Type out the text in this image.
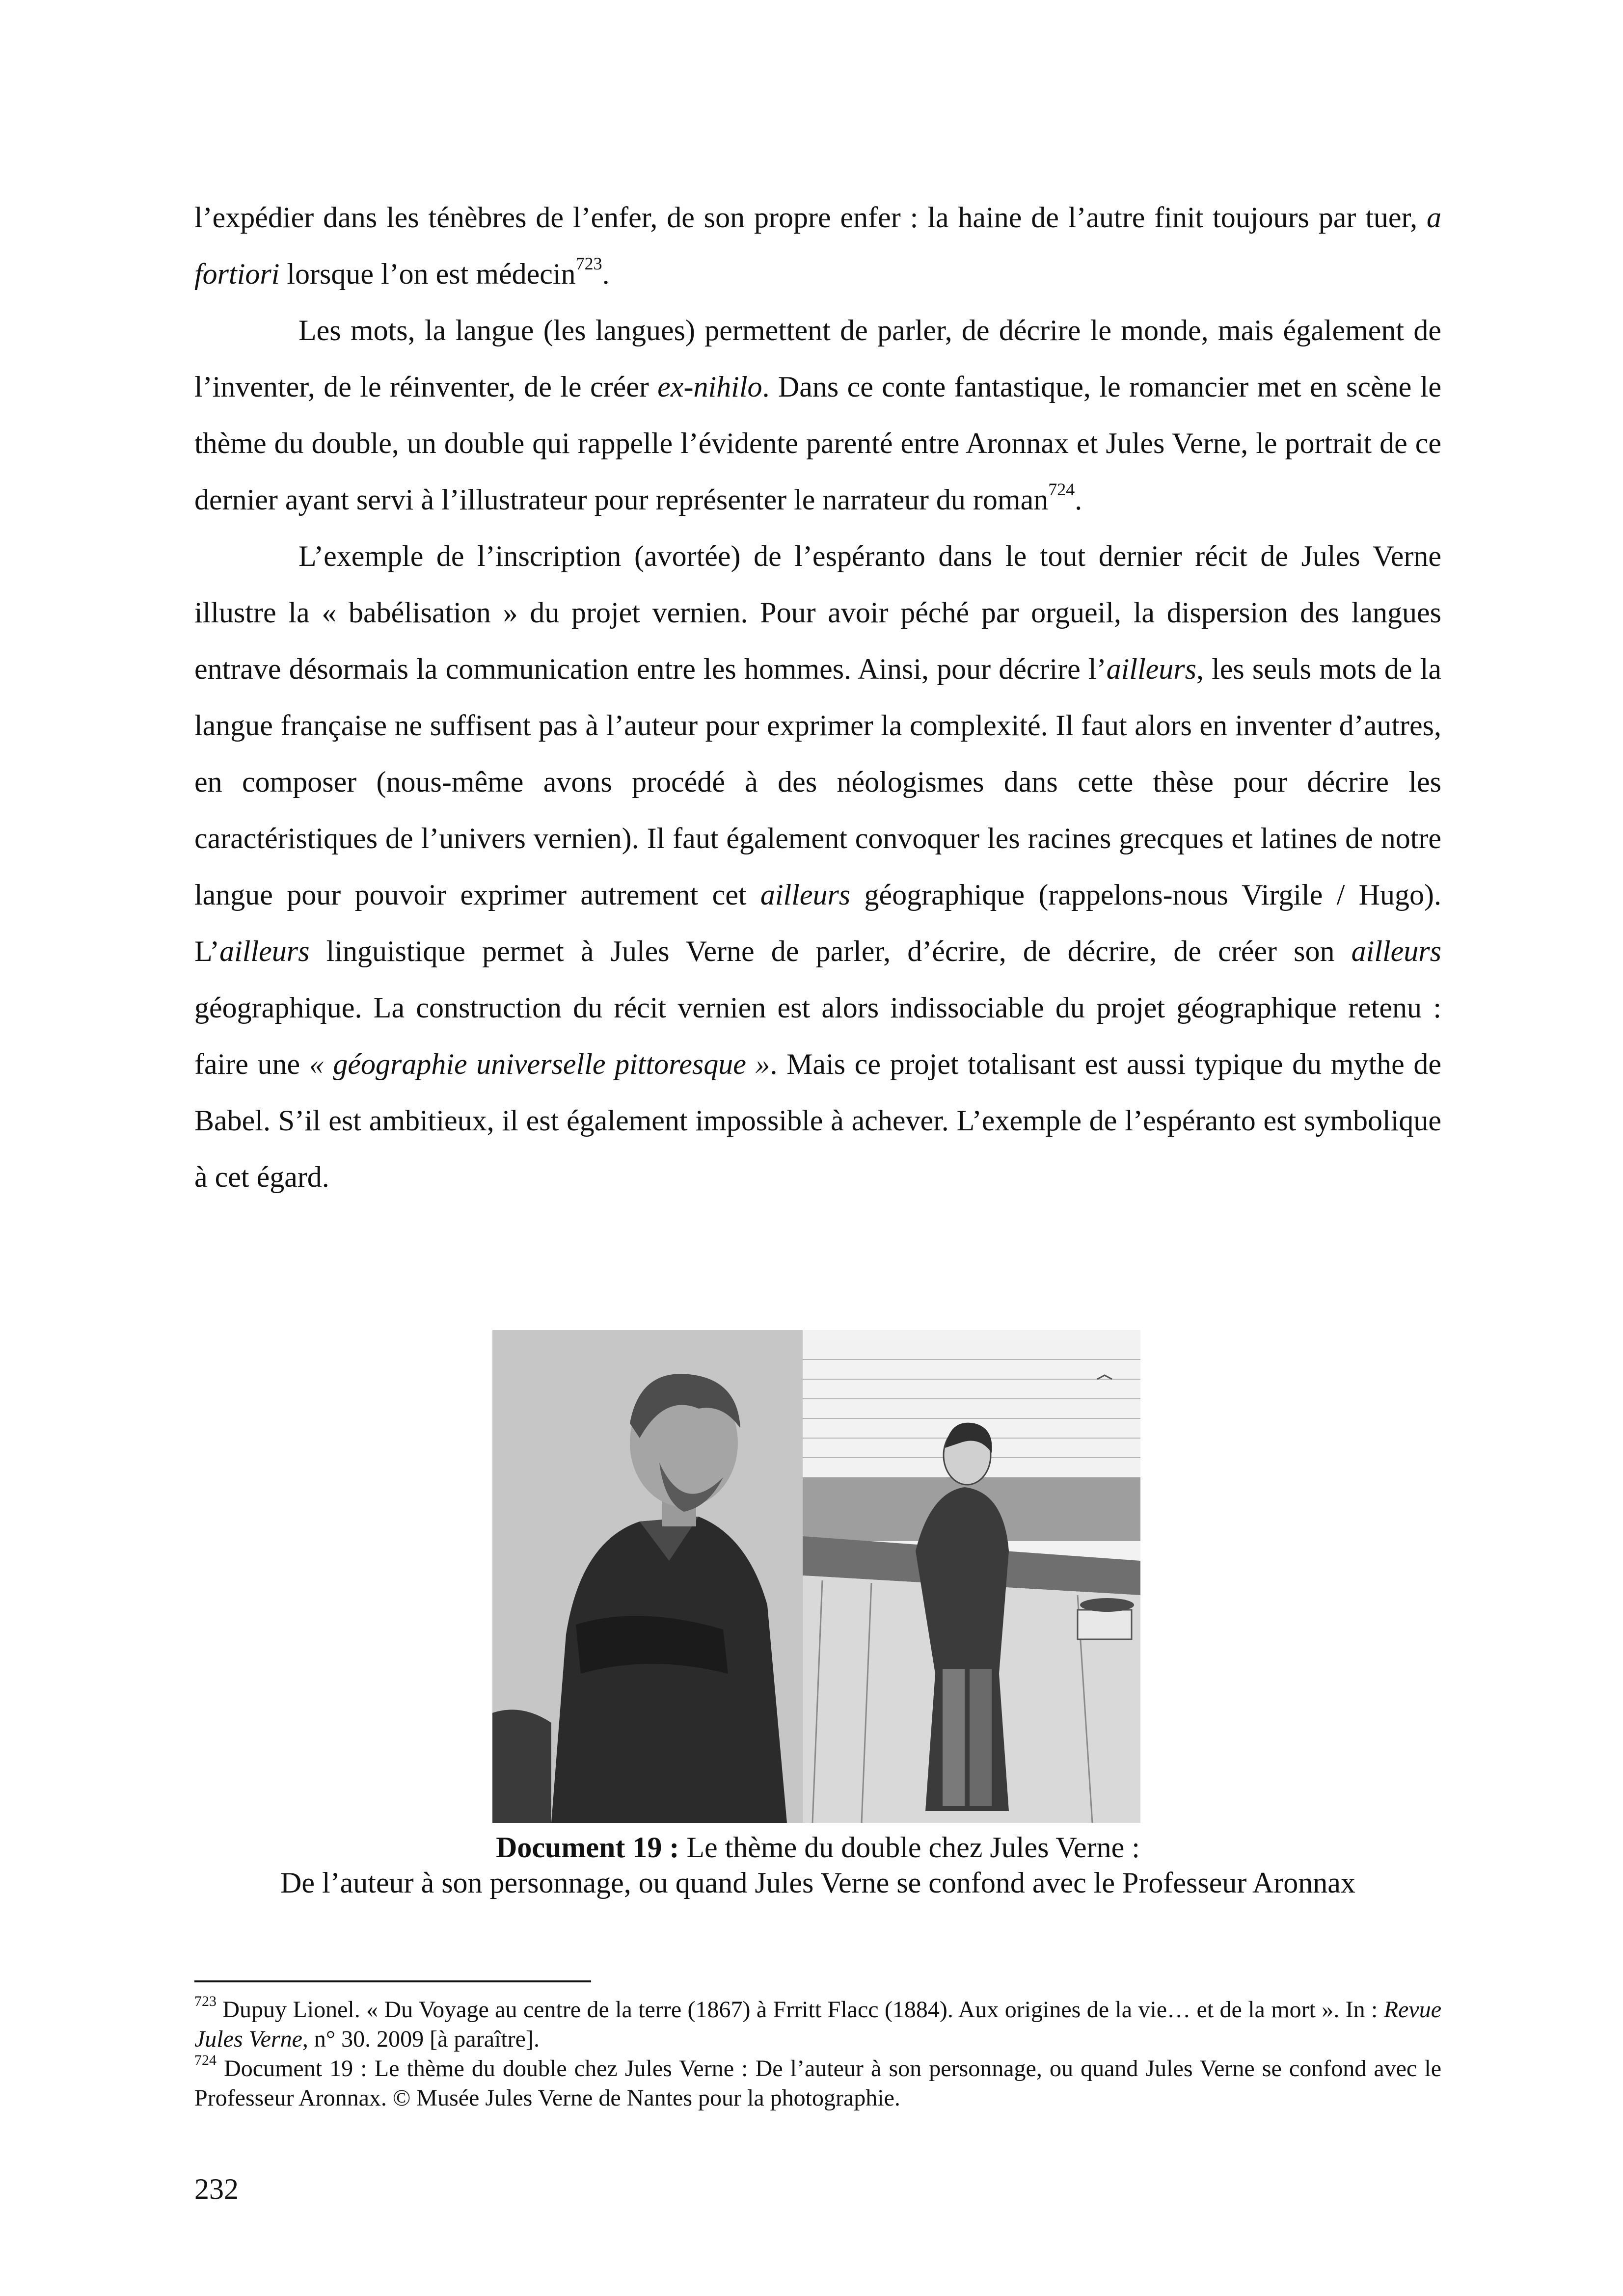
l’expédier dans les ténèbres de l’enfer, de son propre enfer : la haine de l’autre finit toujours par tuer, a fortiori lorsque l’on est médecin$^{723}$.

Les mots, la langue (les langues) permettent de parler, de décrire le monde, mais également de l’inventer, de le réinventer, de le créer ex-nihilo. Dans ce conte fantastique, le romancier met en scène le thème du double, un double qui rappelle l’évidente parenté entre Aronnax et Jules Verne, le portrait de ce dernier ayant servi à l’illustrateur pour représenter le narrateur du roman$^{724}$.

L’exemple de l’inscription (avortée) de l’espéranto dans le tout dernier récit de Jules Verne illustre la « babélisation » du projet vernien. Pour avoir péché par orgueil, la dispersion des langues entrave désormais la communication entre les hommes. Ainsi, pour décrire l’ailleurs, les seuls mots de la langue française ne suffisent pas à l’auteur pour exprimer la complexité. Il faut alors en inventer d’autres, en composer (nous-même avons procédé à des néologismes dans cette thèse pour décrire les caractéristiques de l’univers vernien). Il faut également convoquer les racines grecques et latines de notre langue pour pouvoir exprimer autrement cet ailleurs géographique (rappelons-nous Virgile / Hugo). L’ailleurs linguistique permet à Jules Verne de parler, d’écrire, de décrire, de créer son ailleurs géographique. La construction du récit vernien est alors indissociable du projet géographique retenu : faire une « géographie universelle pittoresque ». Mais ce projet totalisant est aussi typique du mythe de Babel. S’il est ambitieux, il est également impossible à achever. L’exemple de l’espéranto est symbolique à cet égard.

Document 19 : Le thème du double chez Jules Verne :
De l’auteur à son personnage, ou quand Jules Verne se confond avec le Professeur Aronnax

$^{723}$ Dupuy Lionel. « Du Voyage au centre de la terre (1867) à Frritt Flacc (1884). Aux origines de la vie… et de la mort ». In : Revue Jules Verne, n° 30. 2009 [à paraître].

$^{724}$ Document 19 : Le thème du double chez Jules Verne : De l’auteur à son personnage, ou quand Jules Verne se confond avec le Professeur Aronnax. © Musée Jules Verne de Nantes pour la photographie.

232
